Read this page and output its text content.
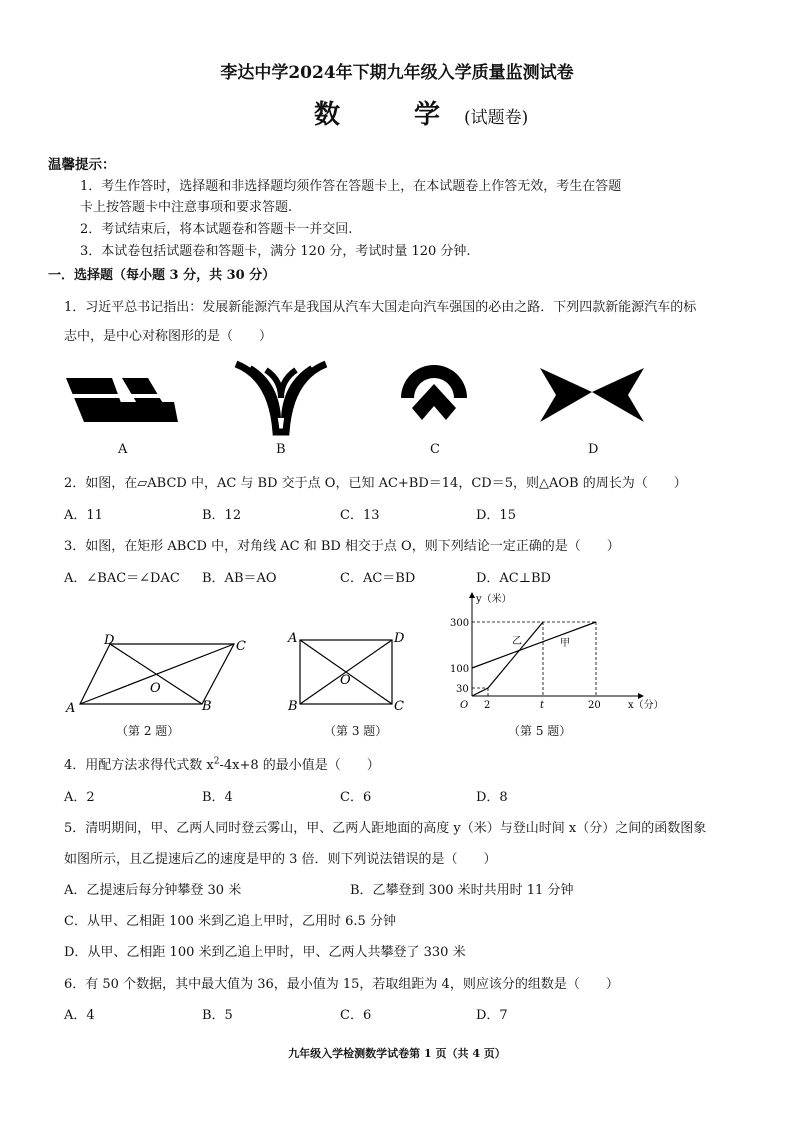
李达中学2024年下期九年级入学质量监测试卷
数　学(试题卷)
温馨提示：
1．考生作答时，选择题和非选择题均须作答在答题卡上，在本试题卷上作答无效，考生在答题
卡上按答题卡中注意事项和要求答题.
2．考试结束后，将本试题卷和答题卡一并交回.
3．本试卷包括试题卷和答题卡，满分 120 分，考试时量 120 分钟.
一．选择题（每小题 3 分，共 30 分）
1．习近平总书记指出：发展新能源汽车是我国从汽车大国走向汽车强国的必由之路．下列四款新能源汽车的标
志中，是中心对称图形的是（　　）
A	B	C	D
2．如图，在▱ABCD 中，AC 与 BD 交于点 O，已知 AC+BD＝14，CD＝5，则△AOB 的周长为（　　）
A．11	B．12	C．13	D．15
3．如图，在矩形 ABCD 中，对角线 AC 和 BD 相交于点 O，则下列结论一定正确的是（　　）
A．∠BAC＝∠DAC B．AB＝AO	C．AC＝BD	D．AC⊥BD
A	B
C
D
O
（第 2 题）
A
B	C
D
O
（第 3 题）
y（米）
x（分）
乙	甲
300
100
30
O 2	t	20
（第 5 题）
4．用配方法求得代式数 $x^2-4x+8$ 的最小值是（　　）
A．2	B．4	C．6	D．8
5．清明期间，甲、乙两人同时登云雾山，甲、乙两人距地面的高度 y（米）与登山时间 x（分）之间的函数图象
如图所示，且乙提速后乙的速度是甲的 3 倍．则下列说法错误的是（　　）
A．乙提速后每分钟攀登 30 米	B．乙攀登到 300 米时共用时 11 分钟
C．从甲、乙相距 100 米到乙追上甲时，乙用时 6.5 分钟
D．从甲、乙相距 100 米到乙追上甲时，甲、乙两人共攀登了 330 米
6．有 50 个数据，其中最大值为 36，最小值为 15，若取组距为 4，则应该分的组数是（　　）
A．4	B．5	C．6	D．7
九年级入学检测数学试卷第 1 页（共 4 页）
